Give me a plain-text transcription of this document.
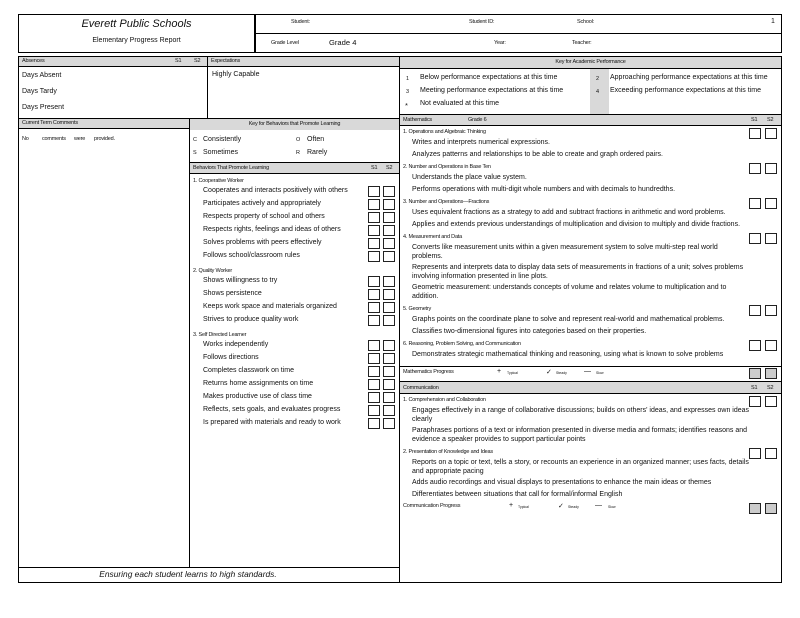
Everett Public Schools
Elementary Progress Report
Student:	Student ID:	School:	1
Grade Level	Grade 4	Year:	Teacher:
Absences	S1 S2
Days Absent
Days Tardy
Days Present
Expectations
Highly Capable
Current Term Comments
No comments were provided.
Key for Behaviors that Promote Learning
C Consistently	O Often
S Sometimes	R Rarely
Behaviors That Promote Learning	S1 S2
1. Cooperative Worker
Cooperates and interacts positively with others
Participates actively and appropriately
Respects property of school and others
Respects rights, feelings and ideas of others
Solves problems with peers effectively
Follows school/classroom rules
2. Quality Worker
Shows willingness to try
Shows persistence
Keeps work space and materials organized
Strives to produce quality work
3. Self Directed Learner
Works independently
Follows directions
Completes classwork on time
Returns home assignments on time
Makes productive use of class time
Reflects, sets goals, and evaluates progress
Is prepared with materials and ready to work
Ensuring each student learns to high standards.
Key for Academic Performance
1 Below performance expectations at this time	2 Approaching performance expectations at this time
3 Meeting performance expectations at this time	4 Exceeding performance expectations at this time
* Not evaluated at this time
Mathematics	Grade 6	S1 S2
1. Operations and Algebraic Thinking
Writes and interprets numerical expressions.
Analyzes patterns and relationships to be able to create and graph ordered pairs.
2. Number and Operations in Base Ten
Understands the place value system.
Performs operations with multi-digit whole numbers and with decimals to hundredths.
3. Number and Operations—Fractions
Uses equivalent fractions as a strategy to add and subtract fractions in arithmetic and word problems.
Applies and extends previous understandings of multiplication and division to multiply and divide fractions.
4. Measurement and Data
Converts like measurement units within a given measurement system to solve multi-step real world problems.
Represents and interprets data to display data sets of measurements in fractions of a unit; solves problems involving information presented in line plots.
Geometric measurement: understands concepts of volume and relates volume to multiplication and to addition.
5. Geometry
Graphs points on the coordinate plane to solve and represent real-world and mathematical problems.
Classifies two-dimensional figures into categories based on their properties.
6. Reasoning, Problem Solving, and Communication
Demonstrates strategic mathematical thinking and reasoning, using what is known to solve problems
Mathematics Progress	+ Typical	✓ Steady — Slow
Communication	S1 S2
1. Comprehension and Collaboration
Engages effectively in a range of collaborative discussions; builds on others' ideas, and expresses own ideas clearly
Paraphrases portions of a text or information presented in diverse media and formats; identifies reasons and evidence a speaker provides to support particular points
2. Presentation of Knowledge and Ideas
Reports on a topic or text, tells a story, or recounts an experience in an organized manner; uses facts, details and appropriate pacing
Adds audio recordings and visual displays to presentations to enhance the main ideas or themes
Differentiates between situations that call for formal/informal English
Communication Progress	+ Typical	✓ Steady — Slow
